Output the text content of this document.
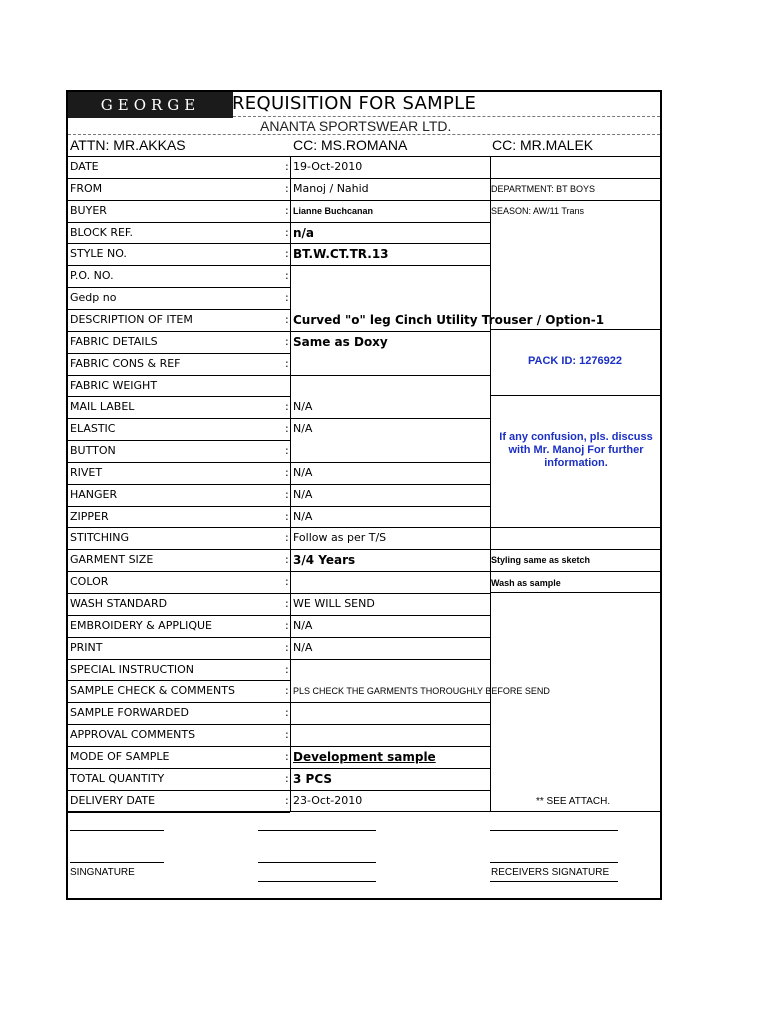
GEORGE	REQUISITION FOR SAMPLE
ANANTA SPORTSWEAR LTD.
ATTN: MR.AKKAS	CC: MS.ROMANA	CC: MR.MALEK
DATE	: 19-Oct-2010
FROM	: Manoj / Nahid
BUYER	: Lianne Buchcanan
BLOCK REF.	: n/a
STYLE NO.	: BT.W.CT.TR.13
P.O. NO.	:
Gedp no	:
DESCRIPTION OF ITEM	: Curved "o" leg Cinch Utility Trouser / Option-1
FABRIC DETAILS	: Same as Doxy
FABRIC CONS & REF	:
FABRIC WEIGHT
MAIL LABEL	: N/A
ELASTIC	: N/A
BUTTON	:
RIVET	: N/A
HANGER	: N/A
ZIPPER	: N/A
STITCHING	: Follow as per T/S
GARMENT SIZE	: 3/4 Years
COLOR	:
WASH STANDARD	: WE WILL SEND
EMBROIDERY & APPLIQUE	: N/A
PRINT	: N/A
SPECIAL INSTRUCTION	:
SAMPLE CHECK & COMMENTS	: PLS CHECK THE GARMENTS THOROUGHLY BEFORE SEND
SAMPLE FORWARDED	:
APPROVAL COMMENTS	:
MODE OF SAMPLE	: Development sample
TOTAL QUANTITY	: 3 PCS
DELIVERY DATE	: 23-Oct-2010
DEPARTMENT: BT BOYS
SEASON: AW/11 Trans
PACK ID: 1276922
If any confusion, pls. discuss with Mr. Manoj For further information.
Styling same as sketch
Wash as sample
** SEE ATTACH.
SINGNATURE	RECEIVERS SIGNATURE
